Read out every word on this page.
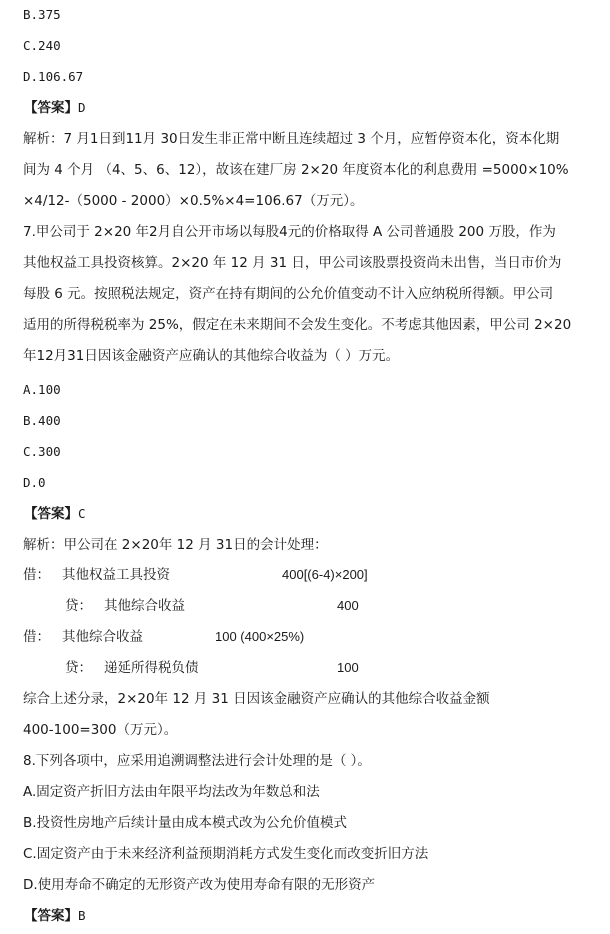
B.375
C.240
D.106.67
【答案】D
解析：7 月1日到11月 30日发生非正常中断且连续超过 3 个月，应暂停资本化，资本化期
间为 4 个月 （4、5、6、12），故该在建厂房 2×20 年度资本化的利息费用 =5000×10%
×4/12-（5000 - 2000）×0.5%×4=106.67（万元）。
7.甲公司于 2×20 年2月自公开市场以每股4元的价格取得 A 公司普通股 200 万股，作为
其他权益工具投资核算。2×20 年 12 月 31 日，甲公司该股票投资尚未出售，当日市价为
每股 6 元。按照税法规定，资产在持有期间的公允价值变动不计入应纳税所得额。甲公司
适用的所得税税率为 25%，假定在未来期间不会发生变化。不考虑其他因素，甲公司 2×20
年12月31日因该金融资产应确认的其他综合收益为（ ）万元。
A.100
B.400
C.300
D.0
【答案】C
解析：甲公司在 2×20年 12 月 31日的会计处理：
借： 其他权益工具投资	400[(6-4)×200]
贷： 其他综合收益	400
借： 其他综合收益	100 (400×25%)
贷： 递延所得税负债	100
综合上述分录，2×20年 12 月 31 日因该金融资产应确认的其他综合收益金额
400-100=300（万元）。
8.下列各项中，应采用追溯调整法进行会计处理的是（ ）。
A.固定资产折旧方法由年限平均法改为年数总和法
B.投资性房地产后续计量由成本模式改为公允价值模式
C.固定资产由于未来经济利益预期消耗方式发生变化而改变折旧方法
D.使用寿命不确定的无形资产改为使用寿命有限的无形资产
【答案】B
